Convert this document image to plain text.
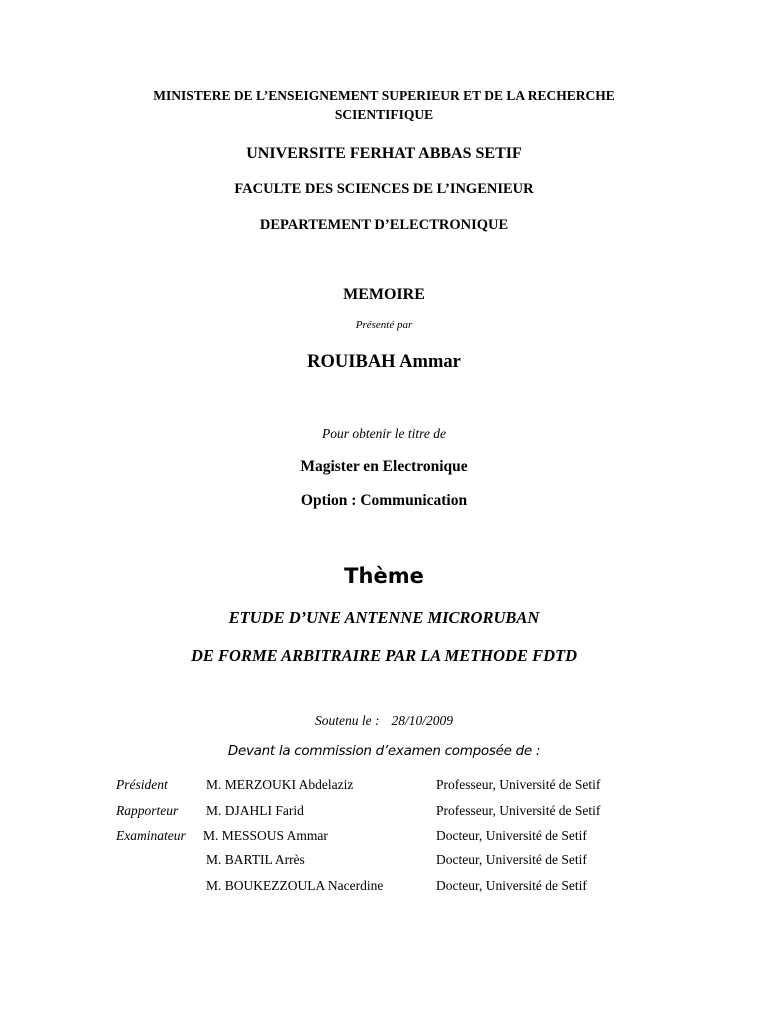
MINISTERE DE L’ENSEIGNEMENT SUPERIEUR ET DE LA RECHERCHE
SCIENTIFIQUE
UNIVERSITE FERHAT ABBAS SETIF
FACULTE DES SCIENCES DE L’INGENIEUR
DEPARTEMENT D’ELECTRONIQUE
MEMOIRE
Présenté par
ROUIBAH Ammar
Pour obtenir le titre de
Magister en Electronique
Option : Communication
Thème
ETUDE D’UNE ANTENNE MICRORUBAN
DE FORME ARBITRAIRE PAR LA METHODE FDTD
Soutenu le : 28/10/2009
Devant la commission d’examen composée de :
Président	M. MERZOUKI Abdelaziz	Professeur, Université de Setif
Rapporteur M. DJAHLI Farid	Professeur, Université de Setif
Examinateur M. MESSOUS Ammar	Docteur, Université de Setif
M. BARTIL Arrès	Docteur, Université de Setif
M. BOUKEZZOULA Nacerdine	Docteur, Université de Setif
